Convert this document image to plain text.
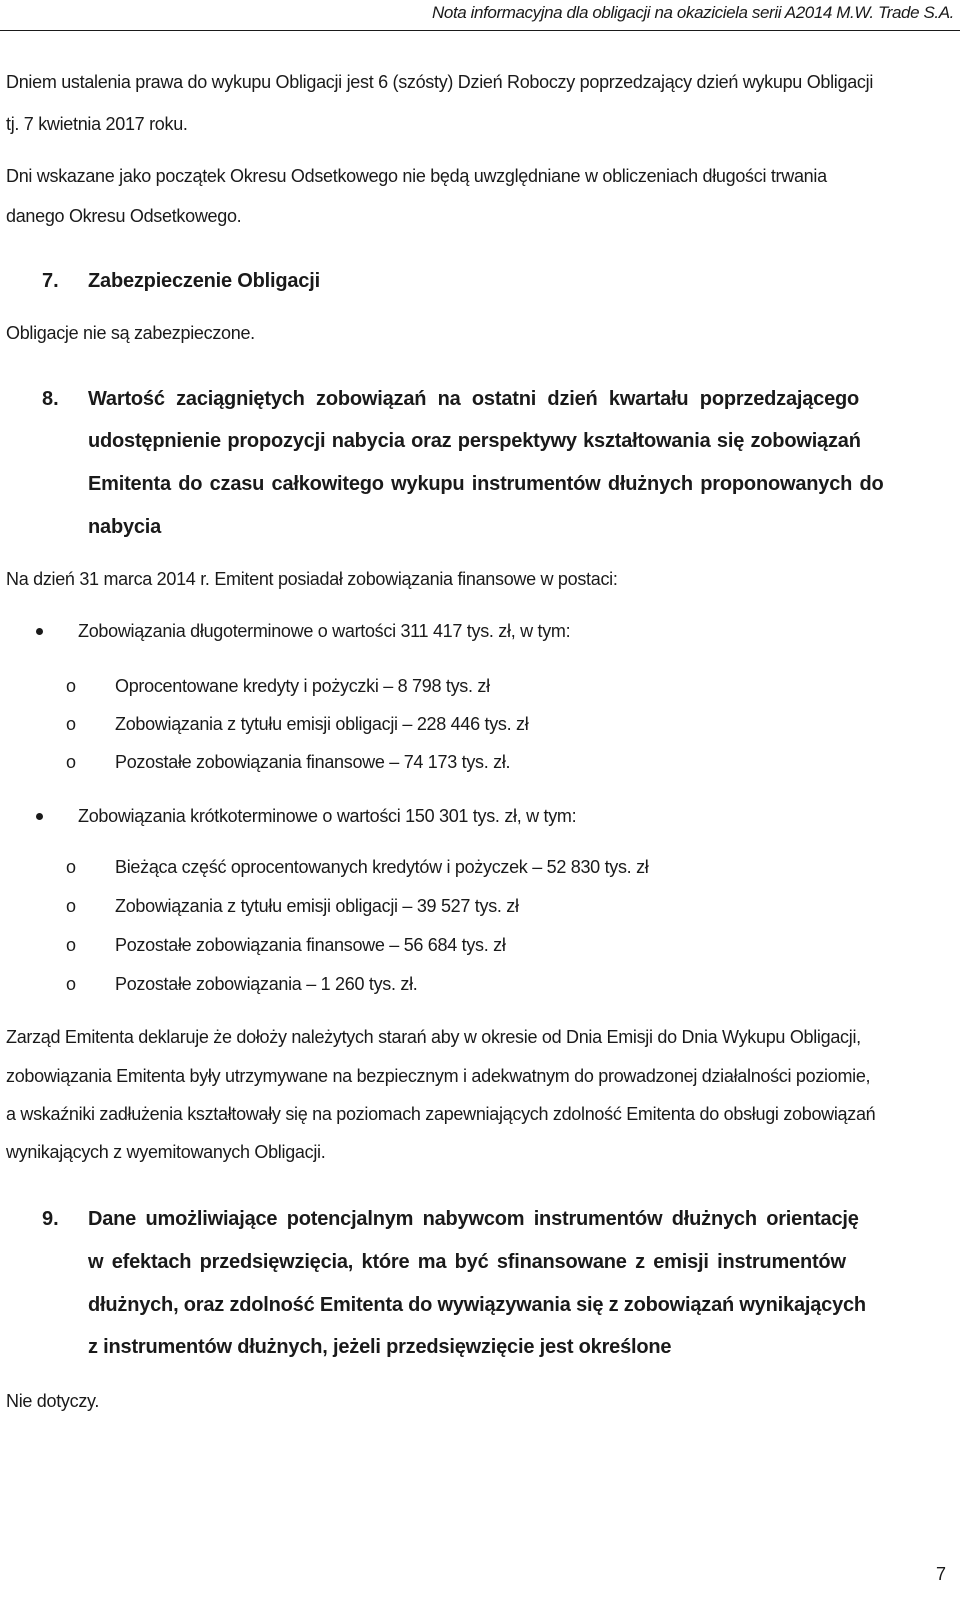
Nota informacyjna dla obligacji na okaziciela serii A2014 M.W. Trade S.A.
Dniem ustalenia prawa do wykupu Obligacji jest 6 (szósty) Dzień Roboczy poprzedzający dzień wykupu Obligacji
tj. 7 kwietnia 2017 roku.
Dni wskazane jako początek Okresu Odsetkowego nie będą uwzględniane w obliczeniach długości trwania
danego Okresu Odsetkowego.
7. Zabezpieczenie Obligacji
Obligacje nie są zabezpieczone.
8. Wartość zaciągniętych zobowiązań na ostatni dzień kwartału poprzedzającego
udostępnienie propozycji nabycia oraz perspektywy kształtowania się zobowiązań
Emitenta do czasu całkowitego wykupu instrumentów dłużnych proponowanych do
nabycia
Na dzień 31 marca 2014 r. Emitent posiadał zobowiązania finansowe w postaci:
Zobowiązania długoterminowe o wartości 311 417 tys. zł, w tym:
o Oprocentowane kredyty i pożyczki – 8 798 tys. zł
o Zobowiązania z tytułu emisji obligacji – 228 446 tys. zł
o Pozostałe zobowiązania finansowe – 74 173 tys. zł.
Zobowiązania krótkoterminowe o wartości 150 301 tys. zł, w tym:
o Bieżąca część oprocentowanych kredytów i pożyczek – 52 830 tys. zł
o Zobowiązania z tytułu emisji obligacji – 39 527 tys. zł
o Pozostałe zobowiązania finansowe – 56 684 tys. zł
o Pozostałe zobowiązania – 1 260 tys. zł.
Zarząd Emitenta deklaruje że dołoży należytych starań aby w okresie od Dnia Emisji do Dnia Wykupu Obligacji,
zobowiązania Emitenta były utrzymywane na bezpiecznym i adekwatnym do prowadzonej działalności poziomie,
a wskaźniki zadłużenia kształtowały się na poziomach zapewniających zdolność Emitenta do obsługi zobowiązań
wynikających z wyemitowanych Obligacji.
9. Dane umożliwiające potencjalnym nabywcom instrumentów dłużnych orientację
w efektach przedsięwzięcia, które ma być sfinansowane z emisji instrumentów
dłużnych, oraz zdolność Emitenta do wywiązywania się z zobowiązań wynikających
z instrumentów dłużnych, jeżeli przedsięwzięcie jest określone
Nie dotyczy.
7
